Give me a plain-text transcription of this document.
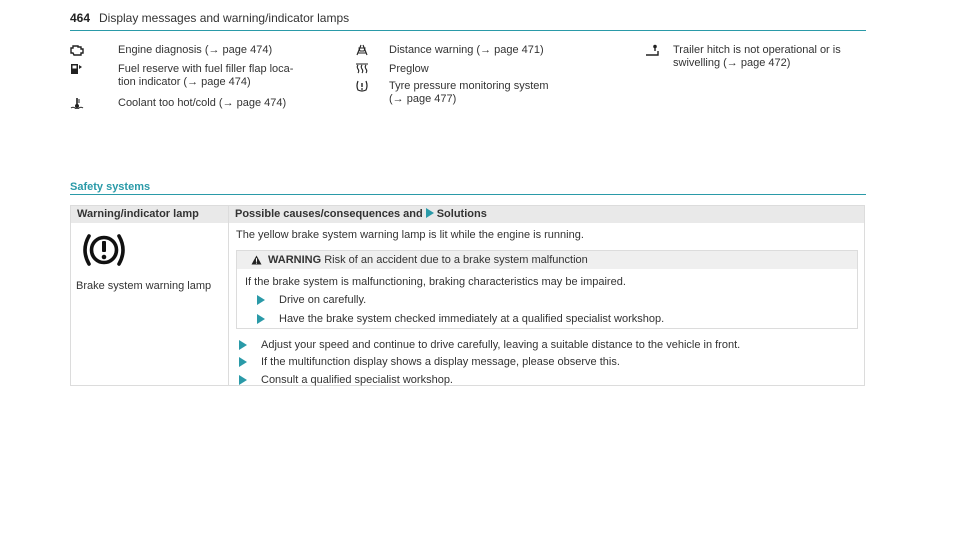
464 Display messages and warning/indicator lamps
Engine diagnosis (→ page 474)
Fuel reserve with fuel filler flap loca-
tion indicator (→ page 474)
Coolant too hot/cold (→ page 474)
Distance warning (→ page 471)
Preglow
Tyre pressure monitoring system
(→ page 477)
Trailer hitch is not operational or is
swivelling (→ page 472)
Safety systems
Warning/indicator lamp	Possible causes/consequences and Solutions
Brake system warning lamp
The yellow brake system warning lamp is lit while the engine is running.
WARNING Risk of an accident due to a brake system malfunction
If the brake system is malfunctioning, braking characteristics may be impaired.
Drive on carefully.
Have the brake system checked immediately at a qualified specialist workshop.
Adjust your speed and continue to drive carefully, leaving a suitable distance to the vehicle in front.
If the multifunction display shows a display message, please observe this.
Consult a qualified specialist workshop.
